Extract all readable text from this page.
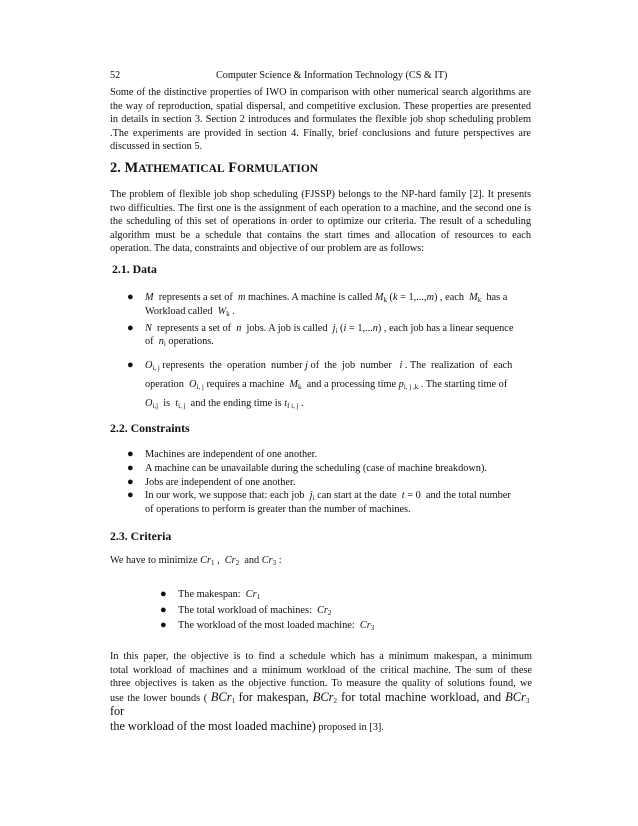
52	Computer Science & Information Technology (CS & IT)

Some of the distinctive properties of IWO in comparison with other numerical search algorithms are the way of reproduction, spatial dispersal, and competitive exclusion. These properties are presented in details in section 3. Section 2 introduces and formulates the flexible job shop scheduling problem .The experiments are provided in section 4. Finally, brief conclusions and future perspectives are discussed in section 5.

2. MATHEMATICAL FORMULATION

The problem of flexible job shop scheduling (FJSSP) belongs to the NP-hard family [2]. It presents two difficulties. The first one is the assignment of each operation to a machine, and the second one is the scheduling of this set of operations in order to optimize our criteria. The result of a scheduling algorithm must be a schedule that contains the start times and allocation of resources to each operation. The data, constraints and objective of our problem are as follows:

2.1. Data
● M  represents a set of  m machines. A machine is called $M_k$ (k = 1,...,m) , each  $M_k$  has a
Workload called  $W_k$ .
● N  represents a set of  n  jobs. A job is called  $j_i$ (i = 1,...n) , each job has a linear sequence
of  $n_i$ operations.
● $O_{i, j}$ represents  the  operation  number j of  the  job  number   i . The  realization  of  each
operation  $O_{i, j}$ requires a machine  $M_k$  and a processing time $p_{i, j ,k}$ . The starting time of
$O_{i,j}$  is  $t_{i, j}$  and the ending time is $t_{f i, j}$ .
2.2. Constraints
● Machines are independent of one another.
● A machine can be unavailable during the scheduling (case of machine breakdown).
● Jobs are independent of one another.
● In our work, we suppose that: each job  $j_i$ can start at the date  t = 0  and the total number
of operations to perform is greater than the number of machines.
2.3. Criteria
We have to minimize $Cr_1$ ,  $Cr_2$  and $Cr_3$ :
● The makespan:  $Cr_1$
● The total workload of machines:  $Cr_2$
● The workload of the most loaded machine:  $Cr_3$

In this paper, the objective is to find a schedule which has a minimum makespan, a minimum

total workload of machines and a minimum workload of the critical machine. The sum of these

three objectives is taken as the objective function. To measure the quality of solutions found, we

use the lower bounds ( BCr$_1$ for makespan, BCr$_2$ for total machine workload, and BCr$_3$  for

the workload of the most loaded machine) proposed in [3].
